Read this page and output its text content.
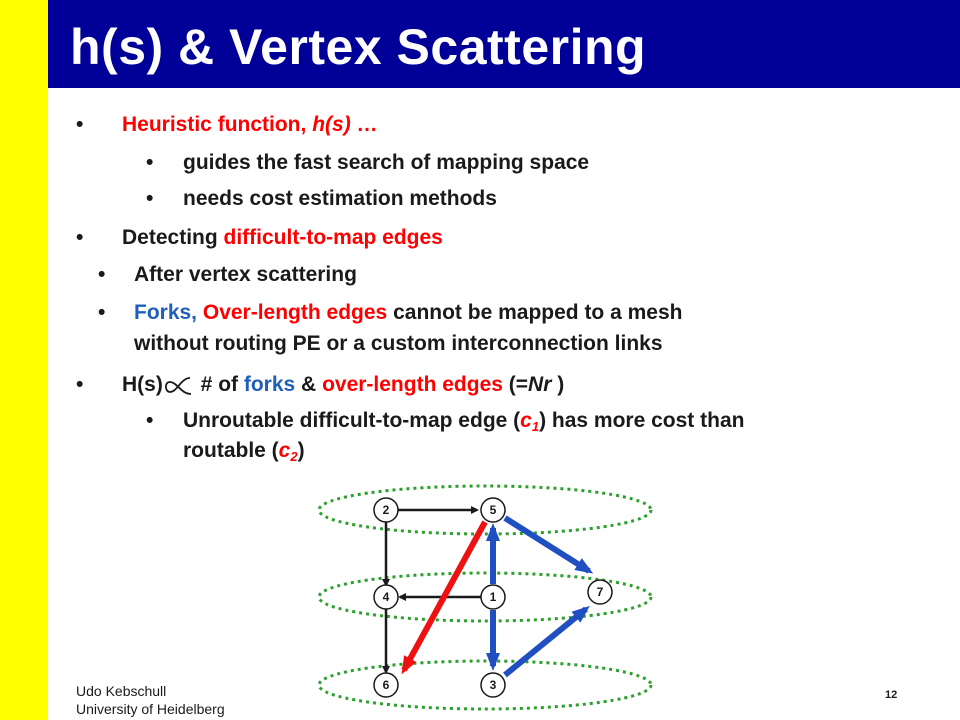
h(s) & Vertex Scattering
• Heuristic function, h(s) …
• guides the fast search of mapping space
• needs cost estimation methods
• Detecting difficult-to-map edges
• After vertex scattering
• Forks, Over-length edges cannot be mapped to a mesh
without routing PE or a custom interconnection links
• H(s) # of forks & over-length edges (=Nr )
• Unroutable difficult-to-map edge $(c_1)$ has more cost than
routable $(c_2)$
2	5
4	1	7
6	3
Udo Kebschull
University of Heidelberg
12
